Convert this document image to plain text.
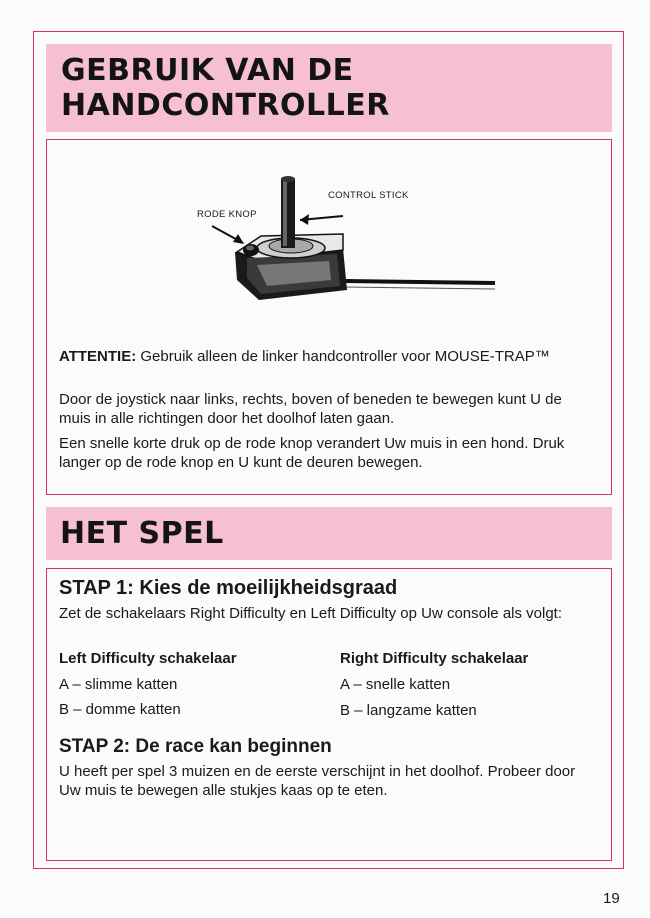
GEBRUIK VAN DE
HANDCONTROLLER
CONTROL STICK
RODE KNOP

ATTENTIE: Gebruik alleen de linker handcontroller voor MOUSE-TRAP™

Door de joystick naar links, rechts, boven of beneden te bewegen kunt U de muis in alle richtingen door het doolhof laten gaan.

Een snelle korte druk op de rode knop verandert Uw muis in een hond. Druk langer op de rode knop en U kunt de deuren bewegen.

HET SPEL

STAP 1: Kies de moeilijkheidsgraad

Zet de schakelaars Right Difficulty en Left Difficulty op Uw console als volgt:

Left Difficulty schakelaar

A – slimme katten

B – domme katten

Right Difficulty schakelaar

A – snelle katten

B – langzame katten

STAP 2: De race kan beginnen

U heeft per spel 3 muizen en de eerste verschijnt in het doolhof. Probeer door Uw muis te bewegen alle stukjes kaas op te eten.

19
